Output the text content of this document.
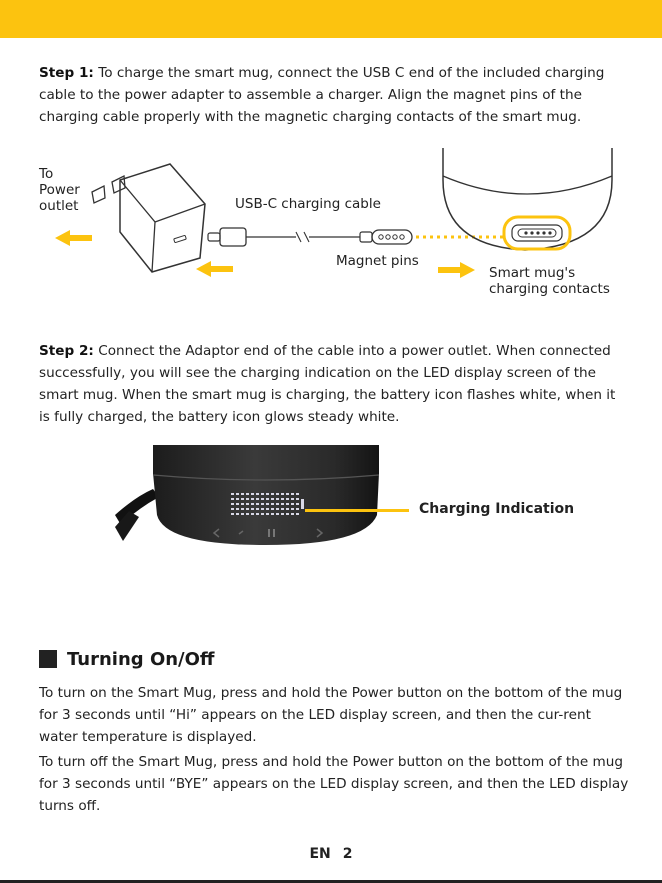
Step 1: To charge the smart mug, connect the USB C end of the included charging cable to the power adapter to assemble a charger. Align the magnet pins of the charging cable properly with the magnetic charging contacts of the smart mug.

To
Power
outlet	USB-C charging cable
Magnet pins
Smart mug's
charging contacts

Step 2: Connect the Adaptor end of the cable into a power outlet. When connected successfully, you will see the charging indication on the LED display screen of the smart mug. When the smart mug is charging, the battery icon flashes white, when it is fully charged, the battery icon glows steady white.

Charging Indication
Turning On/Off

To turn on the Smart Mug, press and hold the Power button on the bottom of the mug for 3 seconds until “Hi” appears on the LED display screen, and then the cur-rent water temperature is displayed.

To turn off the Smart Mug, press and hold the Power button on the bottom of the mug for 3 seconds until “BYE” appears on the LED display screen, and then the LED display turns off.

EN 2
